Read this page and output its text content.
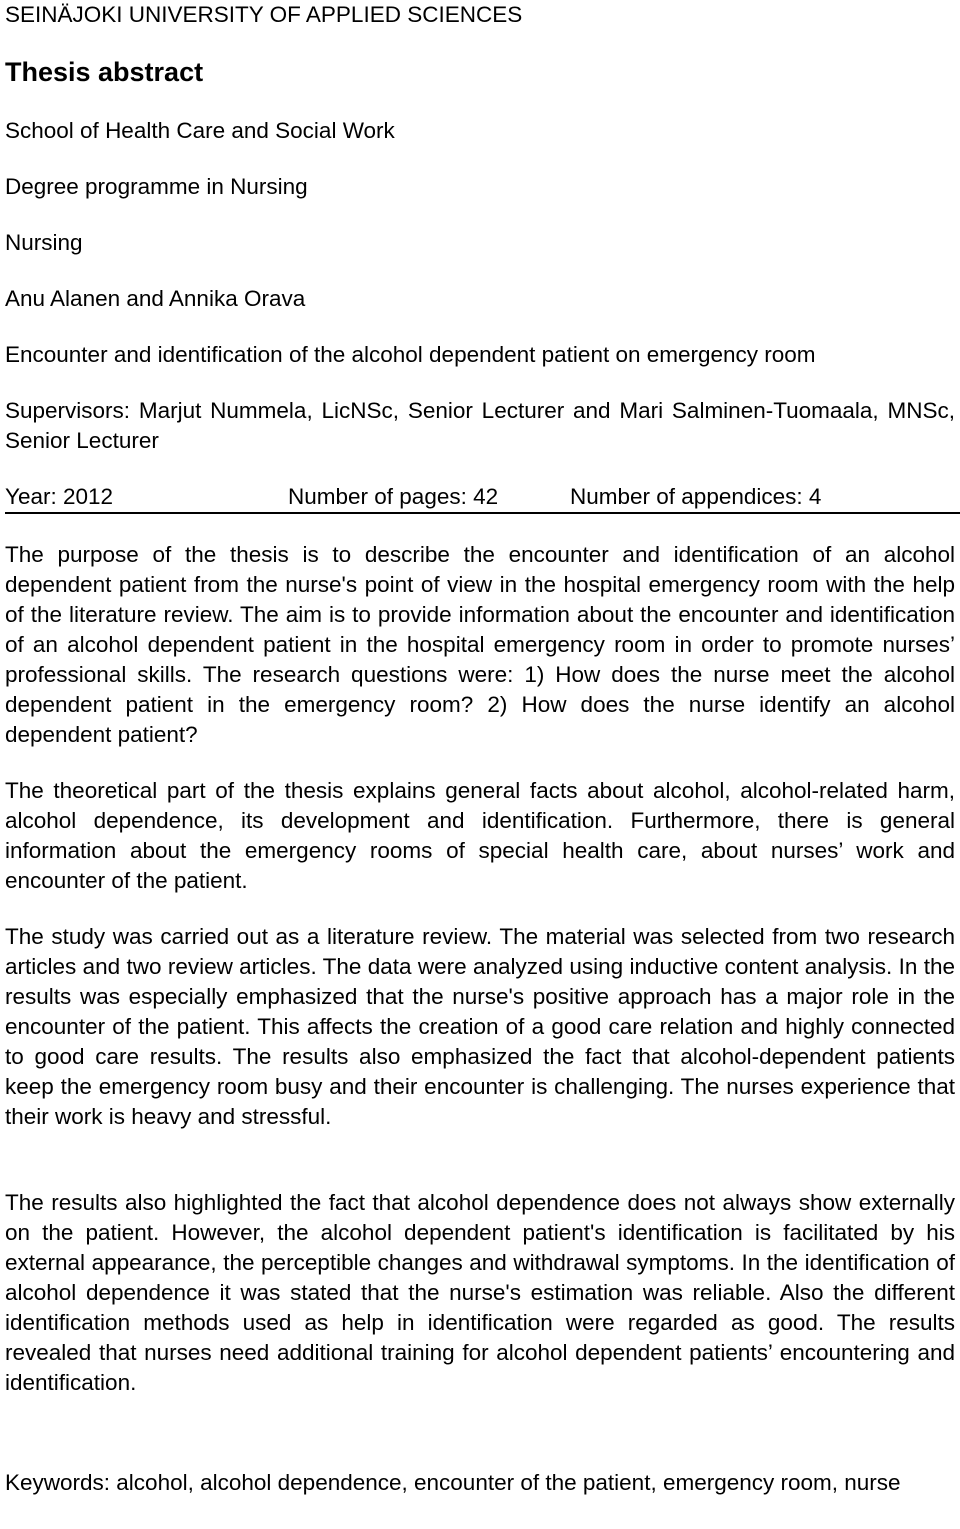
SEINÄJOKI UNIVERSITY OF APPLIED SCIENCES
Thesis abstract
School of Health Care and Social Work
Degree programme in Nursing
Nursing
Anu Alanen and Annika Orava
Encounter and identification of the alcohol dependent patient on emergency room
Supervisors: Marjut Nummela, LicNSc, Senior Lecturer and Mari Salminen-Tuomaala, MNSc, Senior Lecturer
Year: 2012	Number of pages: 42	Number of appendices: 4

The purpose of the thesis is to describe the encounter and identification of an alcohol dependent patient from the nurse's point of view in the hospital emergency room with the help of the literature review. The aim is to provide information about the encounter and identification of an alcohol dependent patient in the hospital emergency room in order to promote nurses’ professional skills. The research questions were: 1) How does the nurse meet the alcohol dependent patient in the emergency room? 2) How does the nurse identify an alcohol dependent patient?

The theoretical part of the thesis explains general facts about alcohol, alcohol-related harm, alcohol dependence, its development and identification. Furthermore, there is general information about the emergency rooms of special health care, about nurses’ work and encounter of the patient.

The study was carried out as a literature review. The material was selected from two research articles and two review articles. The data were analyzed using inductive content analysis. In the results was especially emphasized that the nurse's positive approach has a major role in the encounter of the patient. This affects the creation of a good care relation and highly connected to good care results. The results also emphasized the fact that alcohol-dependent patients keep the emergency room busy and their encounter is challenging. The nurses experience that their work is heavy and stressful.

The results also highlighted the fact that alcohol dependence does not always show externally on the patient. However, the alcohol dependent patient's identification is facilitated by his external appearance, the perceptible changes and withdrawal symptoms. In the identification of alcohol dependence it was stated that the nurse's estimation was reliable. Also the different identification methods used as help in identification were regarded as good. The results revealed that nurses need additional training for alcohol dependent patients’ encountering and identification.

Keywords: alcohol, alcohol dependence, encounter of the patient, emergency room, nurse
